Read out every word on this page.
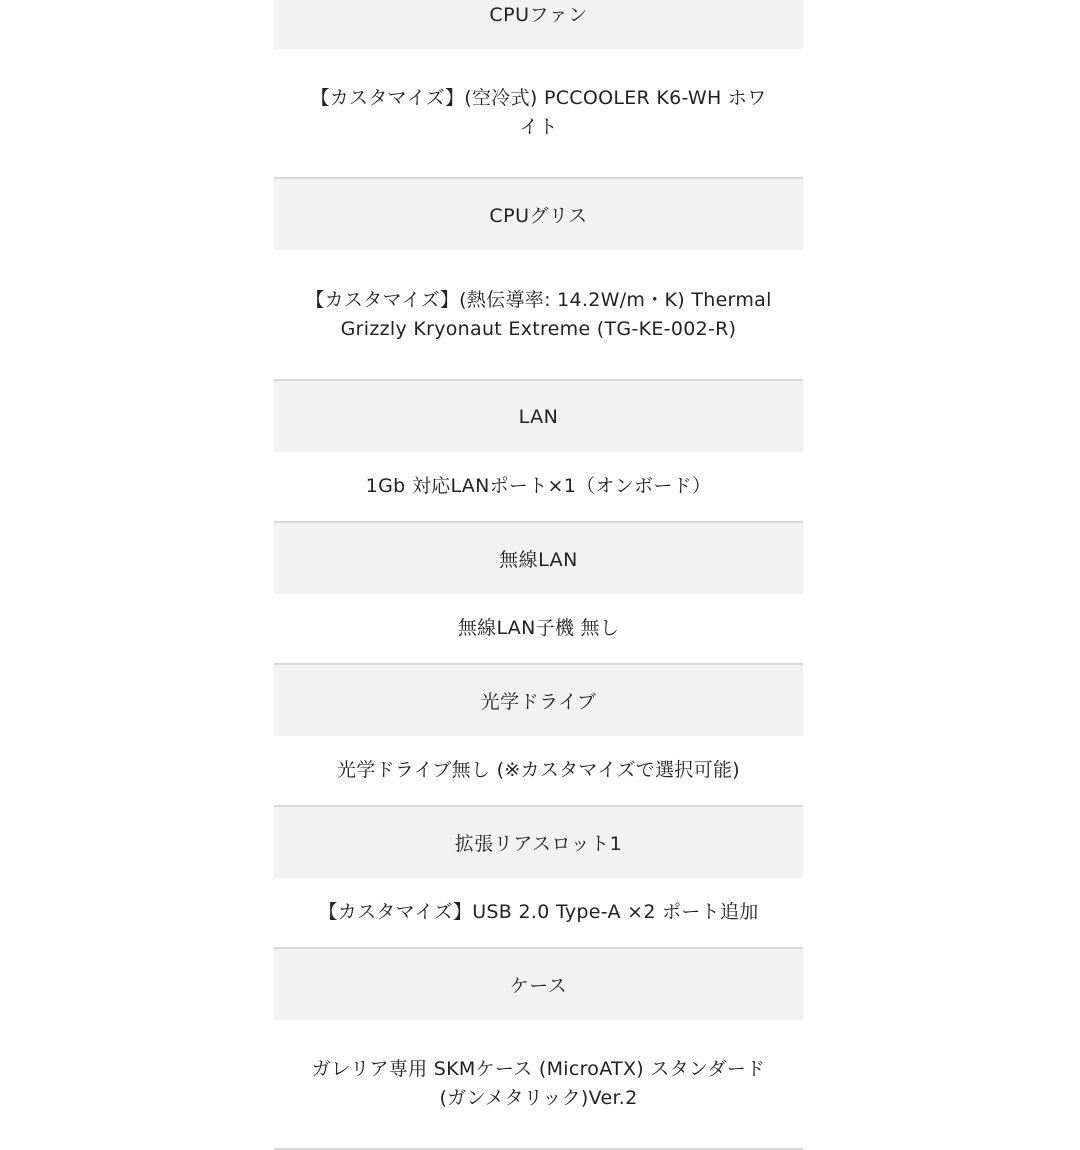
CPUファン
【カスタマイズ】(空冷式) PCCOOLER K6-WH ホワイト
CPUグリス
【カスタマイズ】(熱伝導率: 14.2W/m・K) Thermal Grizzly Kryonaut Extreme (TG-KE-002-R)
LAN
1Gb 対応LANポート×1（オンボード）
無線LAN
無線LAN子機 無し
光学ドライブ
光学ドライブ無し (※カスタマイズで選択可能)
拡張リアスロット1
【カスタマイズ】USB 2.0 Type-A ×2 ポート追加
ケース
ガレリア専用 SKMケース (MicroATX) スタンダード(ガンメタリック)Ver.2
